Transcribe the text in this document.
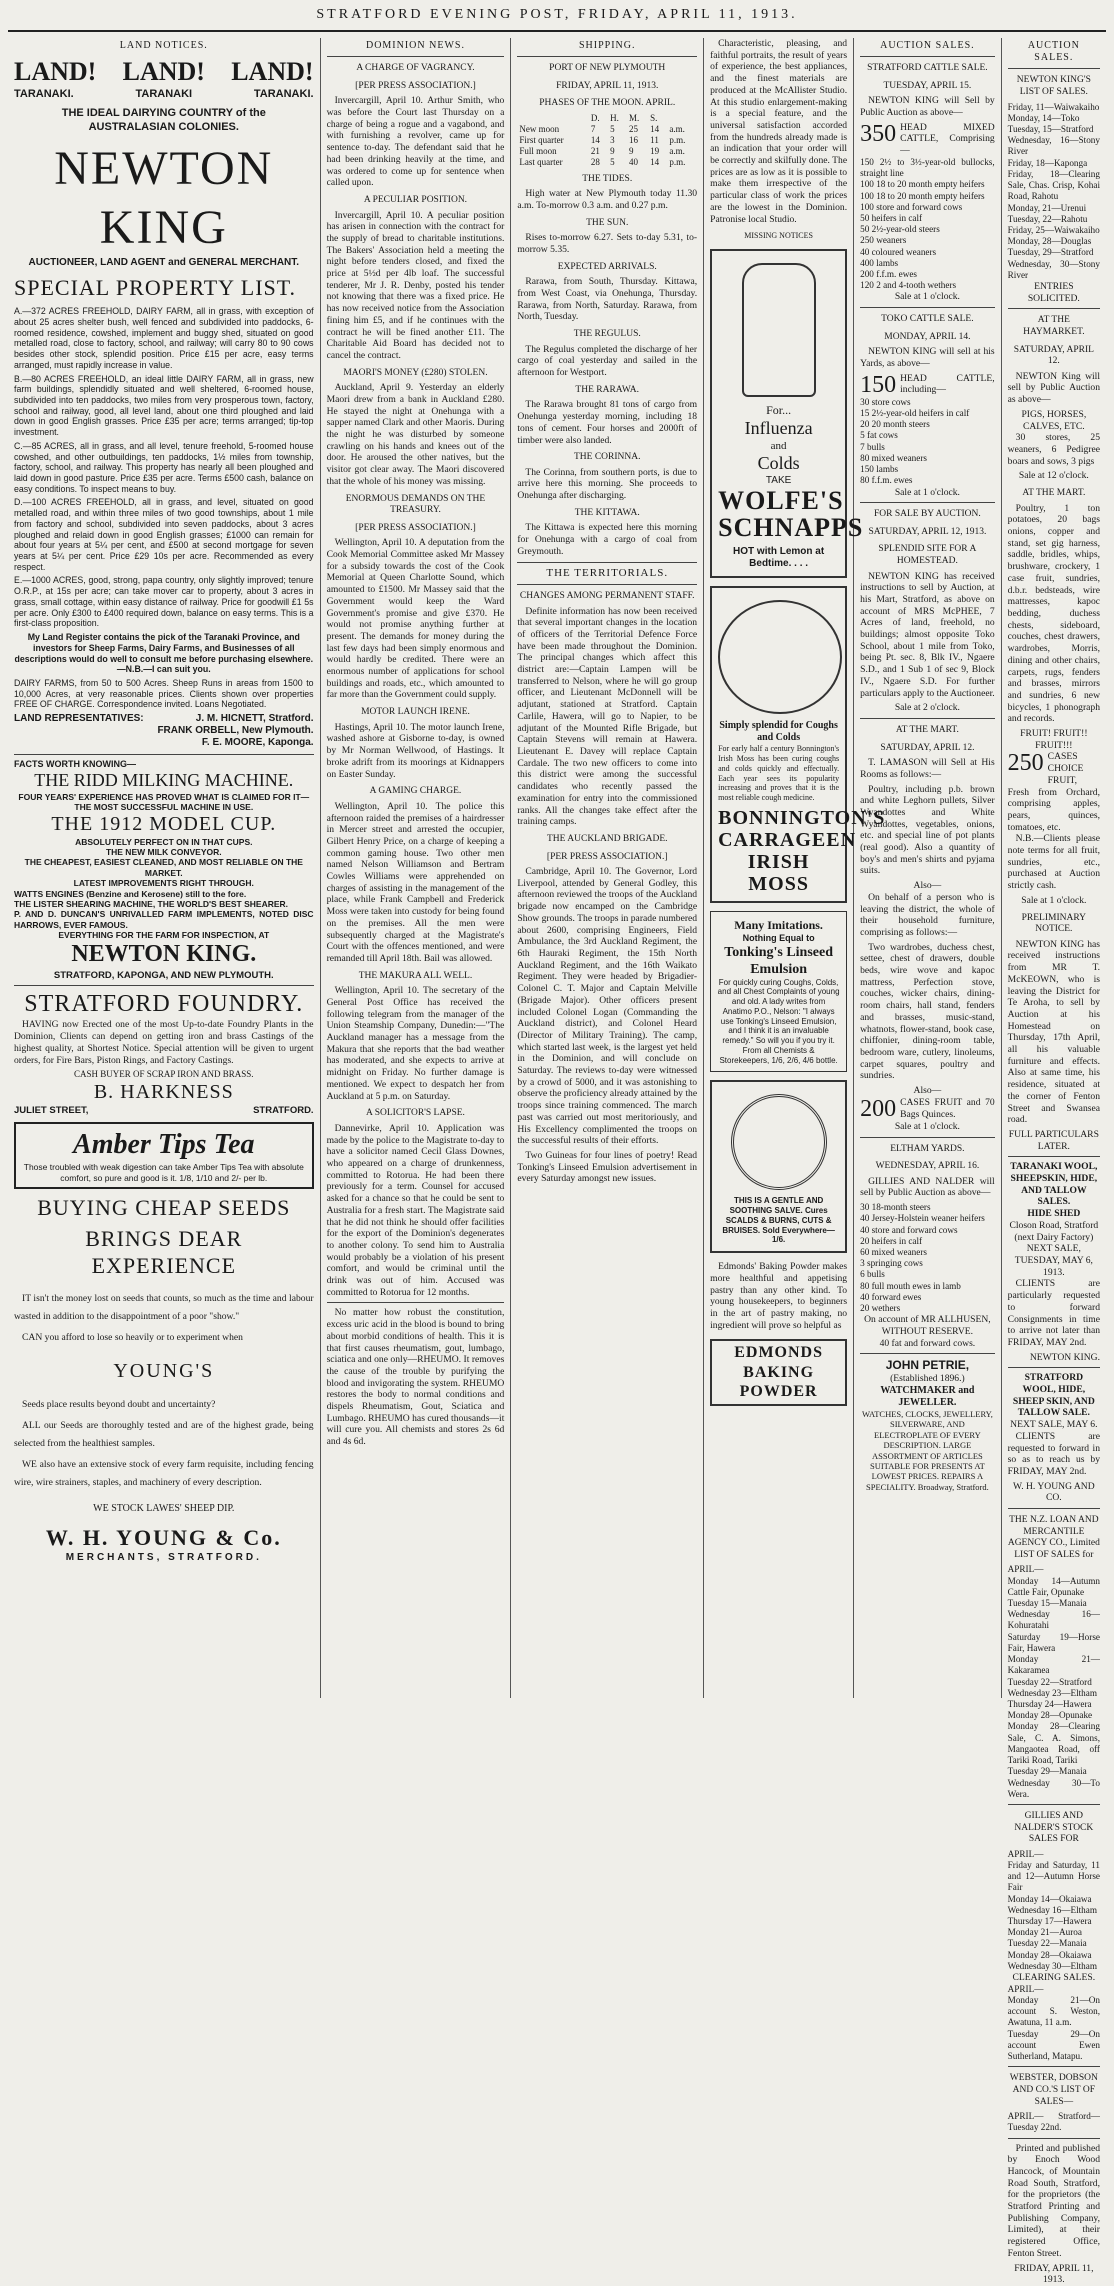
STRATFORD EVENING POST, FRIDAY, APRIL 11, 1913.
LAND NOTICES.
LAND! LAND! LAND!
TARANAKI.	TARANAKI	TARANAKI.
THE IDEAL DAIRYING COUNTRY of the AUSTRALASIAN COLONIES.
NEWTON KING
AUCTIONEER, LAND AGENT and GENERAL MERCHANT.
SPECIAL PROPERTY LIST.

A.—372 ACRES FREEHOLD, DAIRY FARM, all in grass, with exception of about 25 acres shelter bush, well fenced and subdivided into paddocks, 6-roomed residence, cowshed, implement and buggy shed, situated on good metalled road, close to factory, school, and railway; will carry 80 to 90 cows besides other stock, splendid position. Price £15 per acre, easy terms arranged, must rapidly increase in value.

B.—80 ACRES FREEHOLD, an ideal little DAIRY FARM, all in grass, new farm buildings, splendidly situated and well sheltered, 6-roomed house, subdivided into ten paddocks, two miles from very prosperous town, factory, school and railway, good, all level land, about one third ploughed and laid down in good English grasses. Price £35 per acre; terms arranged; tip-top investment.

C.—85 ACRES, all in grass, and all level, tenure freehold, 5-roomed house cowshed, and other outbuildings, ten paddocks, 1½ miles from township, factory, school, and railway. This property has nearly all been ploughed and laid down in good pasture. Price £35 per acre. Terms £500 cash, balance on easy conditions. To inspect means to buy.

D.—100 ACRES FREEHOLD, all in grass, and level, situated on good metalled road, and within three miles of two good townships, about 1 mile from factory and school, subdivided into seven paddocks, about 3 acres ploughed and relaid down in good English grasses; £1000 can remain for about four years at 5¼ per cent, and £500 at second mortgage for seven years at 5¼ per cent. Price £29 10s per acre. Recommended as every respect.

E.—1000 ACRES, good, strong, papa country, only slightly improved; tenure O.R.P., at 15s per acre; can take mover car to property, about 3 acres in grass, small cottage, within easy distance of railway. Price for goodwill £1 5s per acre. Only £300 to £400 required down, balance on easy terms. This is a first-class proposition.

My Land Register contains the pick of the Taranaki Province, and investors for Sheep Farms, Dairy Farms, and Businesses of all descriptions would do well to consult me before purchasing elsewhere.—N.B.—I can suit you.

DAIRY FARMS, from 50 to 500 Acres. Sheep Runs in areas from 1500 to 10,000 Acres, at very reasonable prices. Clients shown over properties FREE OF CHARGE. Correspondence invited. Loans Negotiated.

LAND REPRESENTATIVES:	J. M. HICNETT, Stratford.
FRANK ORBELL, New Plymouth.
F. E. MOORE, Kaponga.
FACTS WORTH KNOWING—
THE RIDD MILKING MACHINE.
FOUR YEARS' EXPERIENCE HAS PROVED WHAT IS CLAIMED FOR IT—THE MOST SUCCESSFUL MACHINE IN USE.
THE 1912 MODEL CUP.
ABSOLUTELY PERFECT ON IN THAT CUPS.
THE NEW MILK CONVEYOR.
THE CHEAPEST, EASIEST CLEANED, AND MOST RELIABLE ON THE MARKET.
LATEST IMPROVEMENTS RIGHT THROUGH.
WATTS ENGINES (Benzine and Kerosene) still to the fore.
THE LISTER SHEARING MACHINE, THE WORLD'S BEST SHEARER.
P. AND D. DUNCAN'S UNRIVALLED FARM IMPLEMENTS, NOTED DISC HARROWS, EVER FAMOUS.
EVERYTHING FOR THE FARM FOR INSPECTION, AT
NEWTON KING.
STRATFORD, KAPONGA, AND NEW PLYMOUTH.
STRATFORD FOUNDRY.

HAVING now Erected one of the most Up-to-date Foundry Plants in the Dominion, Clients can depend on getting iron and brass Castings of the highest quality, at Shortest Notice. Special attention will be given to urgent orders, for Fire Bars, Piston Rings, and Factory Castings.

CASH BUYER OF SCRAP IRON AND BRASS.
B. HARKNESS
JULIET STREET,	STRATFORD.
Amber Tips Tea
Those troubled with weak digestion can take Amber Tips Tea with absolute comfort, so pure and good is it. 1/8, 1/10 and 2/- per lb.
BUYING CHEAP SEEDS
BRINGS DEAR EXPERIENCE

IT isn't the money lost on seeds that counts, so much as the time and labour wasted in addition to the disappointment of a poor "show."

CAN you afford to lose so heavily or to experiment when

YOUNG'S

Seeds place results beyond doubt and uncertainty?

ALL our Seeds are thoroughly tested and are of the highest grade, being selected from the healthiest samples.

WE also have an extensive stock of every farm requisite, including fencing wire, wire strainers, staples, and machinery of every description.

WE STOCK LAWES' SHEEP DIP.
W. H. YOUNG & Co.
MERCHANTS, STRATFORD.
DOMINION NEWS.
A CHARGE OF VAGRANCY.
[PER PRESS ASSOCIATION.]

Invercargill, April 10. Arthur Smith, who was before the Court last Thursday on a charge of being a rogue and a vagabond, and with furnishing a revolver, came up for sentence to-day. The defendant said that he had been drinking heavily at the time, and was ordered to come up for sentence when called upon.

A PECULIAR POSITION.

Invercargill, April 10. A peculiar position has arisen in connection with the contract for the supply of bread to charitable institutions. The Bakers' Association held a meeting the night before tenders closed, and fixed the price at 5½d per 4lb loaf. The successful tenderer, Mr J. R. Denby, posted his tender not knowing that there was a fixed price. He has now received notice from the Association fining him £5, and if he continues with the contract he will be fined another £11. The Charitable Aid Board has decided not to cancel the contract.

MAORI'S MONEY (£280) STOLEN.

Auckland, April 9. Yesterday an elderly Maori drew from a bank in Auckland £280. He stayed the night at Onehunga with a sapper named Clark and other Maoris. During the night he was disturbed by someone crawling on his hands and knees out of the door. He aroused the other natives, but the visitor got clear away. The Maori discovered that the whole of his money was missing.

ENORMOUS DEMANDS ON THE TREASURY.
[PER PRESS ASSOCIATION.]

Wellington, April 10. A deputation from the Cook Memorial Committee asked Mr Massey for a subsidy towards the cost of the Cook Memorial at Queen Charlotte Sound, which amounted to £1500. Mr Massey said that the Government would keep the Ward Government's promise and give £370. He would not promise anything further at present. The demands for money during the last few days had been simply enormous and would hardly be credited. There were an enormous number of applications for school buildings and roads, etc., which amounted to far more than the Government could supply.

MOTOR LAUNCH IRENE.

Hastings, April 10. The motor launch Irene, washed ashore at Gisborne to-day, is owned by Mr Norman Wellwood, of Hastings. It broke adrift from its moorings at Kidnappers on Easter Sunday.

A GAMING CHARGE.

Wellington, April 10. The police this afternoon raided the premises of a hairdresser in Mercer street and arrested the occupier, Gilbert Henry Price, on a charge of keeping a common gaming house. Two other men named Nelson Williamson and Bertram Cowles Williams were apprehended on charges of assisting in the management of the place, while Frank Campbell and Frederick Moss were taken into custody for being found on the premises. All the men were subsequently charged at the Magistrate's Court with the offences mentioned, and were remanded till April 18th. Bail was allowed.

THE MAKURA ALL WELL.

Wellington, April 10. The secretary of the General Post Office has received the following telegram from the manager of the Union Steamship Company, Dunedin:—"The Auckland manager has a message from the Makura that she reports that the bad weather has moderated, and she expects to arrive at midnight on Friday. No further damage is mentioned. We expect to despatch her from Auckland at 5 p.m. on Saturday.

A SOLICITOR'S LAPSE.

Dannevirke, April 10. Application was made by the police to the Magistrate to-day to have a solicitor named Cecil Glass Downes, who appeared on a charge of drunkenness, committed to Rotorua. He had been there previously for a term. Counsel for accused asked for a chance so that he could be sent to Australia for a fresh start. The Magistrate said that he did not think he should offer facilities for the export of the Dominion's degenerates to another colony. To send him to Australia would probably be a violation of his present comfort, and would be criminal until the drink was out of him. Accused was committed to Rotorua for 12 months.

No matter how robust the constitution, excess uric acid in the blood is bound to bring about morbid conditions of health. This it is that first causes rheumatism, gout, lumbago, sciatica and one only—RHEUMO. It removes the cause of the trouble by purifying the blood and invigorating the system. RHEUMO restores the body to normal conditions and dispels Rheumatism, Gout, Sciatica and Lumbago. RHEUMO has cured thousands—it will cure you. All chemists and stores 2s 6d and 4s 6d.

SHIPPING.
PORT OF NEW PLYMOUTH
FRIDAY, APRIL 11, 1913.
PHASES OF THE MOON. APRIL.
	D.	H.	M.	S.	
New moon	7	5	25	14	a.m.
First quarter	14	3	16	11	p.m.
Full moon	21	9	9	19	a.m.
Last quarter	28	5	40	14	p.m.
THE TIDES.

High water at New Plymouth today 11.30 a.m. To-morrow 0.3 a.m. and 0.27 p.m.

THE SUN.

Rises to-morrow 6.27. Sets to-day 5.31, to-morrow 5.35.

EXPECTED ARRIVALS.

Rarawa, from South, Thursday. Kittawa, from West Coast, via Onehunga, Thursday. Rarawa, from North, Saturday. Rarawa, from North, Tuesday.

THE REGULUS.

The Regulus completed the discharge of her cargo of coal yesterday and sailed in the afternoon for Westport.

THE RARAWA.

The Rarawa brought 81 tons of cargo from Onehunga yesterday morning, including 18 tons of cement. Four horses and 2000ft of timber were also landed.

THE CORINNA.

The Corinna, from southern ports, is due to arrive here this morning. She proceeds to Onehunga after discharging.

THE KITTAWA.

The Kittawa is expected here this morning for Onehunga with a cargo of coal from Greymouth.

THE TERRITORIALS.
CHANGES AMONG PERMANENT STAFF.

Definite information has now been received that several important changes in the location of officers of the Territorial Defence Force have been made throughout the Dominion. The principal changes which affect this district are:—Captain Lampen will be transferred to Nelson, where he will go group officer, and Lieutenant McDonnell will be adjutant, stationed at Stratford. Captain Carlile, Hawera, will go to Napier, to be adjutant of the Mounted Rifle Brigade, but Captain Stevens will remain at Hawera. Lieutenant E. Davey will replace Captain Cardale. The two new officers to come into this district were among the successful candidates who recently passed the examination for entry into the commissioned ranks. All the changes take effect after the training camps.

THE AUCKLAND BRIGADE.
[PER PRESS ASSOCIATION.]

Cambridge, April 10. The Governor, Lord Liverpool, attended by General Godley, this afternoon reviewed the troops of the Auckland brigade now encamped on the Cambridge Show grounds. The troops in parade numbered about 2600, comprising Engineers, Field Ambulance, the 3rd Auckland Regiment, the 6th Hauraki Regiment, the 15th North Auckland Regiment, and the 16th Waikato Regiment. They were headed by Brigadier-Colonel C. T. Major and Captain Melville (Brigade Major). Other officers present included Colonel Logan (Commanding the Auckland district), and Colonel Heard (Director of Military Training). The camp, which started last week, is the largest yet held in the Dominion, and will conclude on Saturday. The reviews to-day were witnessed by a crowd of 5000, and it was astonishing to observe the proficiency already attained by the troops since training commenced. The march past was carried out most meritoriously, and His Excellency complimented the troops on the successful results of their efforts.

Two Guineas for four lines of poetry! Read Tonking's Linseed Emulsion advertisement in every Saturday amongst new issues.

Characteristic, pleasing, and faithful portraits, the result of years of experience, the best appliances, and the finest materials are produced at the McAllister Studio. At this studio enlargement-making is a special feature, and the universal satisfaction accorded from the hundreds already made is an indication that your order will be correctly and skilfully done. The prices are as low as it is possible to make them irrespective of the particular class of work the prices are the lowest in the Dominion. Patronise local Studio.

MISSING NOTICES
For...
Influenza
and
Colds
TAKE
WOLFE'S SCHNAPPS
HOT with Lemon at Bedtime. . . .
Simply splendid for Coughs and Colds
For early half a century Bonnington's Irish Moss has been curing coughs and colds quickly and effectually. Each year sees its popularity increasing and proves that it is the most reliable cough medicine.
BONNINGTON'S CARRAGEEN IRISH MOSS
Many Imitations.
Nothing Equal to
Tonking's Linseed Emulsion
For quickly curing Coughs, Colds, and all Chest Complaints of young and old. A lady writes from Anatimo P.O., Nelson: "I always use Tonking's Linseed Emulsion, and I think it is an invaluable remedy." So will you if you try it. From all Chemists & Storekeepers, 1/6, 2/6, 4/6 bottle.
THIS IS A GENTLE AND SOOTHING SALVE. Cures SCALDS & BURNS, CUTS & BRUISES. Sold Everywhere—1/6.

Edmonds' Baking Powder makes more healthful and appetising pastry than any other kind. To young housekeepers, to beginners in the art of pastry making, no ingredient will prove so helpful as

EDMONDS BAKING POWDER
AUCTION SALES.
STRATFORD CATTLE SALE.
TUESDAY, APRIL 15.

NEWTON KING will Sell by Public Auction as above—

350 HEAD MIXED CATTLE, Comprising—
150 2½ to 3½-year-old bullocks, straight line
100 18 to 20 month empty heifers
100 18 to 20 month empty heifers
100 store and forward cows
50 heifers in calf
50 2½-year-old steers
250 weaners
40 coloured weaners
400 lambs
200 f.f.m. ewes
120 2 and 4-tooth wethers
Sale at 1 o'clock.
TOKO CATTLE SALE.
MONDAY, APRIL 14.

NEWTON KING will sell at his Yards, as above—

150 HEAD CATTLE, including—
30 store cows
15 2½-year-old heifers in calf
20 20 month steers
5 fat cows
7 bulls
80 mixed weaners
150 lambs
80 f.f.m. ewes
Sale at 1 o'clock.
FOR SALE BY AUCTION.
SATURDAY, APRIL 12, 1913.
SPLENDID SITE FOR A HOMESTEAD.

NEWTON KING has received instructions to sell by Auction, at his Mart, Stratford, as above on account of MRS McPHEE, 7 Acres of land, freehold, no buildings; almost opposite Toko School, about 1 mile from Toko, being Pt. sec. 8, Blk IV., Ngaere S.D., and 1 Sub 1 of sec 9, Block IV., Ngaere S.D. For further particulars apply to the Auctioneer.

Sale at 2 o'clock.
AT THE MART.
SATURDAY, APRIL 12.

T. LAMASON will Sell at His Rooms as follows:—

Poultry, including p.b. brown and white Leghorn pullets, Silver Wyandottes and White Wyandottes, vegetables, onions, etc. and special line of pot plants (real good). Also a quantity of boy's and men's shirts and pyjama suits.

Also—

On behalf of a person who is leaving the district, the whole of their household furniture, comprising as follows:—

Two wardrobes, duchess chest, settee, chest of drawers, double beds, wire wove and kapoc mattress, Perfection stove, couches, wicker chairs, dining-room chairs, hall stand, fenders and brasses, music-stand, whatnots, flower-stand, book case, chiffonier, dining-room table, bedroom ware, cutlery, linoleums, carpet squares, poultry and sundries.

Also—
200 CASES FRUIT and 70 Bags Quinces.
Sale at 1 o'clock.
ELTHAM YARDS.
WEDNESDAY, APRIL 16.

GILLIES AND NALDER will sell by Public Auction as above—

30 18-month steers
40 Jersey-Holstein weaner heifers
40 store and forward cows
20 heifers in calf
60 mixed weaners
3 springing cows
6 bulls
80 full mouth ewes in lamb
40 forward ewes
20 wethers
On account of MR ALLHUSEN, WITHOUT RESERVE.
40 fat and forward cows.
JOHN PETRIE,
(Established 1896.)
WATCHMAKER and JEWELLER.
WATCHES, CLOCKS, JEWELLERY, SILVERWARE, AND ELECTROPLATE OF EVERY DESCRIPTION. LARGE ASSORTMENT OF ARTICLES SUITABLE FOR PRESENTS AT LOWEST PRICES. REPAIRS A SPECIALITY. Broadway, Stratford.
AUCTION SALES.
NEWTON KING'S LIST OF SALES.
Friday, 11—Waiwakaiho
Monday, 14—Toko
Tuesday, 15—Stratford
Wednesday, 16—Stony River
Friday, 18—Kaponga
Friday, 18—Clearing Sale, Chas. Crisp, Kohai Road, Rahotu
Monday, 21—Urenui
Tuesday, 22—Rahotu
Friday, 25—Waiwakaiho
Monday, 28—Douglas
Tuesday, 29—Stratford
Wednesday, 30—Stony River
ENTRIES SOLICITED.
AT THE HAYMARKET.
SATURDAY, APRIL 12.

NEWTON King will sell by Public Auction as above—

PIGS, HORSES, CALVES, ETC.

30 stores, 25 weaners, 6 Pedigree boars and sows, 3 pigs

Sale at 12 o'clock.
AT THE MART.

Poultry, 1 ton potatoes, 20 bags onions, copper and stand, set gig harness, saddle, bridles, whips, brushware, crockery, 1 case fruit, sundries, d.b.r. bedsteads, wire mattresses, kapoc bedding, duchess chests, sideboard, couches, chest drawers, wardrobes, Morris, dining and other chairs, carpets, rugs, fenders and brasses, mirrors and sundries, 6 new bicycles, 1 phonograph and records.

FRUIT! FRUIT!! FRUIT!!!
250 CASES CHOICE FRUIT, Fresh from Orchard, comprising apples, pears, quinces, tomatoes, etc.

N.B.—Clients please note terms for all fruit, sundries, etc., purchased at Auction strictly cash.

Sale at 1 o'clock.
PRELIMINARY NOTICE.

NEWTON KING has received instructions from MR T. McKEOWN, who is leaving the District for Te Aroha, to sell by Auction at his Homestead on Thursday, 17th April, all his valuable furniture and effects. Also at same time, his residence, situated at the corner of Fenton Street and Swansea road.

FULL PARTICULARS LATER.
TARANAKI WOOL, SHEEPSKIN, HIDE, AND TALLOW SALES.
HIDE SHED
Closon Road, Stratford (next Dairy Factory)
NEXT SALE, TUESDAY, MAY 6, 1913.

CLIENTS are particularly requested to forward Consignments in time to arrive not later than FRIDAY, MAY 2nd.

NEWTON KING.
STRATFORD WOOL, HIDE, SHEEP SKIN, AND TALLOW SALE.
NEXT SALE, MAY 6.

CLIENTS are requested to forward in so as to reach us by FRIDAY, MAY 2nd.

W. H. YOUNG AND CO.
THE N.Z. LOAN AND MERCANTILE AGENCY CO., Limited LIST OF SALES for
APRIL—
Monday 14—Autumn Cattle Fair, Opunake
Tuesday 15—Manaia
Wednesday 16—Kohuratahi
Saturday 19—Horse Fair, Hawera
Monday 21—Kakaramea
Tuesday 22—Stratford
Wednesday 23—Eltham
Thursday 24—Hawera
Monday 28—Opunake
Monday 28—Clearing Sale, C. A. Simons, Mangaotea Road, off Tariki Road, Tariki
Tuesday 29—Manaia
Wednesday 30—To Wera.
GILLIES AND NALDER'S STOCK SALES FOR
APRIL—
Friday and Saturday, 11 and 12—Autumn Horse Fair
Monday 14—Okaiawa
Wednesday 16—Eltham
Thursday 17—Hawera
Monday 21—Auroa
Tuesday 22—Manaia
Monday 28—Okaiawa
Wednesday 30—Eltham
CLEARING SALES.
APRIL—
Monday 21—On account S. Weston, Awatuna, 11 a.m.
Tuesday 29—On account Ewen Sutherland, Matapu.
WEBSTER, DOBSON AND CO.'S LIST OF SALES—
APRIL— Stratford—Tuesday 22nd.

Printed and published by Enoch Wood Hancock, of Mountain Road South, Stratford, for the proprietors (the Stratford Printing and Publishing Company, Limited), at their registered Office, Fenton Street.

FRIDAY, APRIL 11, 1913.
